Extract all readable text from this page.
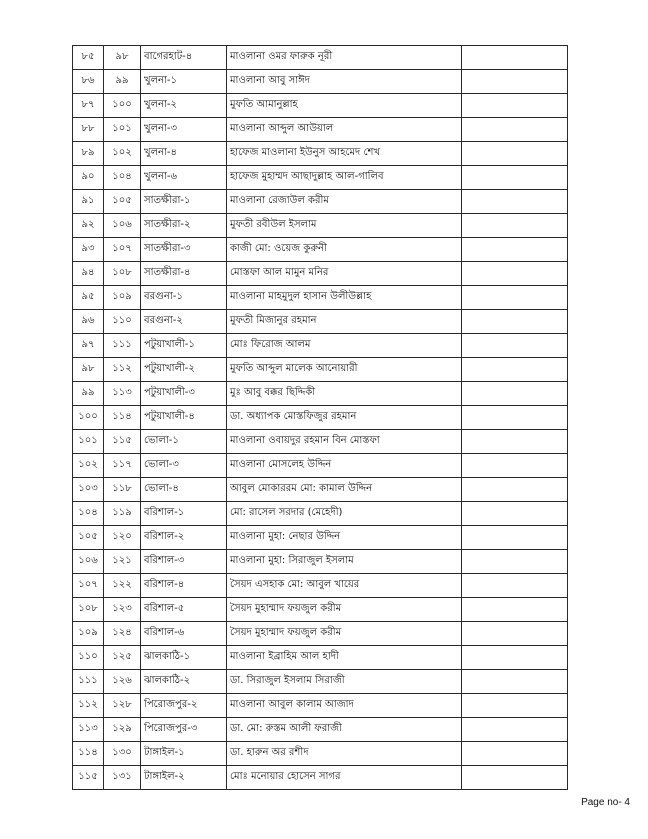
৮৫	৯৮	বাগেরহাট-৪	মাওলানা ওমর ফারুক নূরী	
৮৬	৯৯	খুলনা-১	মাওলানা আবু সাঈদ	
৮৭	১০০	খুলনা-২	মুফতি আমানুল্লাহ	
৮৮	১০১	খুলনা-৩	মাওলানা আব্দুল আউয়াল	
৮৯	১০২	খুলনা-৪	হাফেজ মাওলানা ইউনুস আহমেদ শেখ	
৯০	১০৪	খুলনা-৬	হাফেজ মুহাম্মদ আছাদুল্লাহ আল-গালিব	
৯১	১০৫	সাতক্ষীরা-১	মাওলানা রেজাউল করীম	
৯২	১০৬	সাতক্ষীরা-২	মুফতী রবীউল ইসলাম	
৯৩	১০৭	সাতক্ষীরা-৩	কাজী মো: ওয়েজ কুরুনী	
৯৪	১০৮	সাতক্ষীরা-৪	মোস্তফা আল মামুন মনির	
৯৫	১০৯	বরগুনা-১	মাওলানা মাহমুদুল হাসান উলীউল্লাহ	
৯৬	১১০	বরগুনা-২	মুফতী মিজানুর রহমান	
৯৭	১১১	পটুয়াখালী-১	মোঃ ফিরোজ আলম	
৯৮	১১২	পটুয়াখালী-২	মুফতি আব্দুল মালেক আনোয়ারী	
৯৯	১১৩	পটুয়াখালী-৩	মুঃ আবু বক্কর ছিদ্দিকী	
১০০	১১৪	পটুয়াখালী-৪	ডা. অধ্যাপক মোস্তফিজুর রহমান	
১০১	১১৫	ভোলা-১	মাওলানা ওবায়দুর রহমান বিন মোস্তফা	
১০২	১১৭	ভোলা-৩	মাওলানা মোসলেহ উদ্দিন	
১০৩	১১৮	ভোলা-৪	আবুল মোকাররম মো: কামাল উদ্দিন	
১০৪	১১৯	বরিশাল-১	মো: রাসেল সরদার (মেহেদী)	
১০৫	১২০	বরিশাল-২	মাওলানা মুহা: নেছার উদ্দিন	
১০৬	১২১	বরিশাল-৩	মাওলানা মুহা: সিরাজুল ইসলাম	
১০৭	১২২	বরিশাল-৪	সৈয়দ এসহাক মো: আবুল খায়ের	
১০৮	১২৩	বরিশাল-৫	সৈয়দ মুহাম্মাদ ফয়জুল করীম	
১০৯	১২৪	বরিশাল-৬	সৈয়দ মুহাম্মাদ ফয়জুল করীম	
১১০	১২৫	ঝালকাঠি-১	মাওলানা ইব্রাহিম আল হাদী	
১১১	১২৬	ঝালকাঠি-২	ডা. সিরাজুল ইসলাম সিরাজী	
১১২	১২৮	পিরোজপুর-২	মাওলানা আবুল কালাম আজাদ	
১১৩	১২৯	পিরোজপুর-৩	ডা. মো: রুস্তম আলী ফরাজী	
১১৪	১৩০	টাঙ্গাইল-১	ডা. হারুন অর রশীদ	
১১৫	১৩১	টাঙ্গাইল-২	মোঃ মনোয়ার হোসেন সাগর	
Page no- 4
